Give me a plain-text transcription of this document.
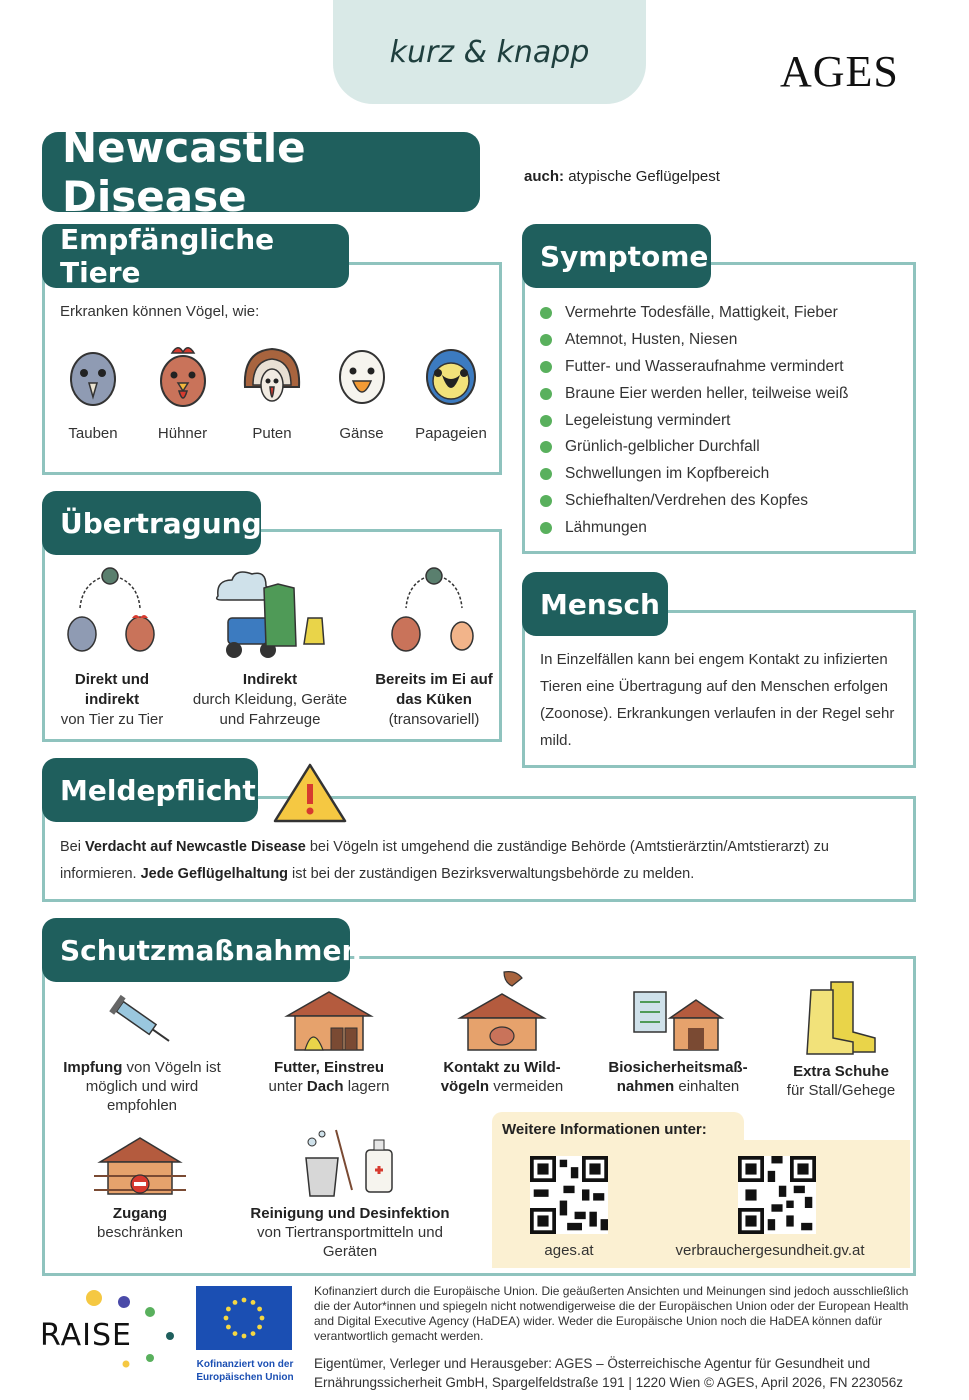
kurz & knapp	AGES
Newcastle Disease	auch: atypische Geflügelpest
Empfängliche Tiere
Erkranken können Vögel, wie:
Tauben	Hühner	Puten	Gänse Papageien
Symptome
Vermehrte Todesfälle, Mattigkeit, Fieber
Atemnot, Husten, Niesen
Futter- und Wasseraufnahme vermindert
Braune Eier werden heller, teilweise weiß
Legeleistung vermindert
Grünlich-gelblicher Durchfall
Schwellungen im Kopfbereich
Schiefhalten/Verdrehen des Kopfes
Lähmungen
Übertragung
Direkt und indirekt
von Tier zu Tier
Indirekt
durch Kleidung, Geräte und Fahrzeuge
Bereits im Ei auf das Küken
(transovariell)
Mensch
In Einzelfällen kann bei engem Kontakt zu infizierten Tieren eine Übertragung auf den Menschen erfolgen (Zoonose). Erkrankungen verlaufen in der Regel sehr mild.
Meldepflicht
Bei Verdacht auf Newcastle Disease bei Vögeln ist umgehend die zuständige Behörde (Amtstierärztin/Amtstierarzt) zu informieren. Jede Geflügelhaltung ist bei der zuständigen Bezirksverwaltungsbehörde zu melden.
Schutzmaßnahmen
Impfung von Vögeln ist möglich und wird empfohlen
Futter, Einstreu
unter Dach lagern
Kontakt zu Wild-vögeln vermeiden
Biosicherheitsmaß-nahmen einhalten
Extra Schuhe
für Stall/Gehege
Zugang
beschränken
Reinigung und Desinfektion
von Tiertransportmitteln und Geräten
Weitere Informationen unter:
ages.at	verbrauchergesundheit.gv.at
RAISE
Kofinanziert von der Europäischen Union
Kofinanziert durch die Europäische Union. Die geäußerten Ansichten und Meinungen sind jedoch ausschließlich die der Autor*innen und spiegeln nicht notwendigerweise die der Europäischen Union oder der European Health and Digital Executive Agency (HaDEA) wider. Weder die Europäische Union noch die HaDEA können dafür verantwortlich gemacht werden.
Eigentümer, Verleger und Herausgeber: AGES – Österreichische Agentur für Gesundheit und Ernährungssicherheit GmbH, Spargelfeldstraße 191 | 1220 Wien © AGES, April 2026, FN 223056z
